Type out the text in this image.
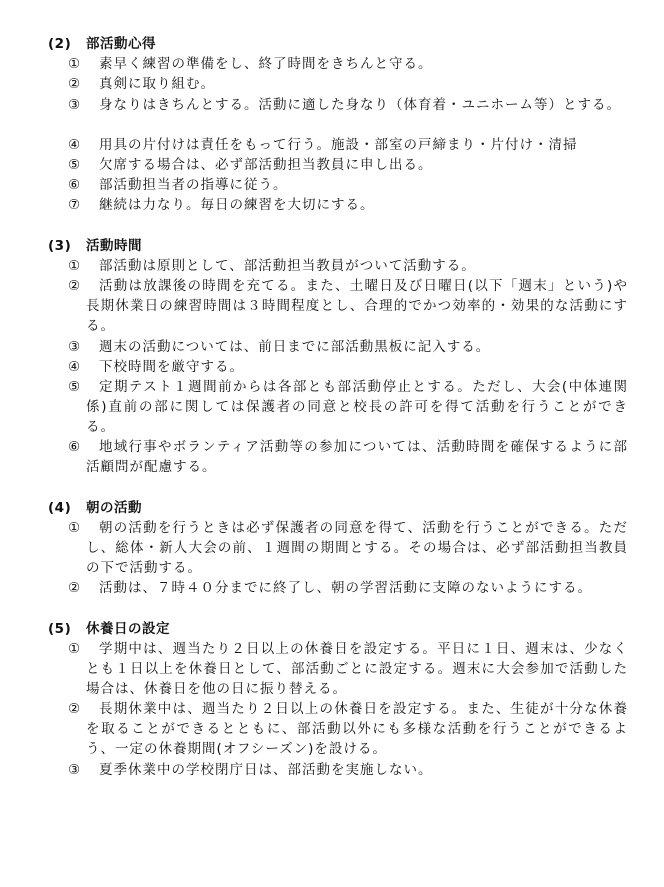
(2) 部活動心得
①	素早く練習の準備をし、終了時間をきちんと守る。
②	真剣に取り組む。
③	身なりはきちんとする。活動に適した身なり（体育着・ユニホーム等）とする。
④	用具の片付けは責任をもって行う。施設・部室の戸締まり・片付け・清掃
⑤	欠席する場合は、必ず部活動担当教員に申し出る。
⑥	部活動担当者の指導に従う。
⑦	継続は力なり。毎日の練習を大切にする。
(3) 活動時間
①	部活動は原則として、部活動担当教員がついて活動する。
②	活動は放課後の時間を充てる。また、土曜日及び日曜日(以下「週末」という)や長期休業日の練習時間は３時間程度とし、合理的でかつ効率的・効果的な活動にする。
③	週末の活動については、前日までに部活動黒板に記入する。
④	下校時間を厳守する。
⑤	定期テスト１週間前からは各部とも部活動停止とする。ただし、大会(中体連関係)直前の部に関しては保護者の同意と校長の許可を得て活動を行うことができる。
⑥	地域行事やボランティア活動等の参加については、活動時間を確保するように部活顧問が配慮する。
(4) 朝の活動
①	朝の活動を行うときは必ず保護者の同意を得て、活動を行うことができる。ただし、総体・新人大会の前、１週間の期間とする。その場合は、必ず部活動担当教員の下で活動する。
②	活動は、７時４０分までに終了し、朝の学習活動に支障のないようにする。
(5) 休養日の設定
①	学期中は、週当たり２日以上の休養日を設定する。平日に１日、週末は、少なくとも１日以上を休養日として、部活動ごとに設定する。週末に大会参加で活動した場合は、休養日を他の日に振り替える。
②	長期休業中は、週当たり２日以上の休養日を設定する。また、生徒が十分な休養を取ることができるとともに、部活動以外にも多様な活動を行うことができるよう、一定の休養期間(オフシーズン)を設ける。
③	夏季休業中の学校閉庁日は、部活動を実施しない。
